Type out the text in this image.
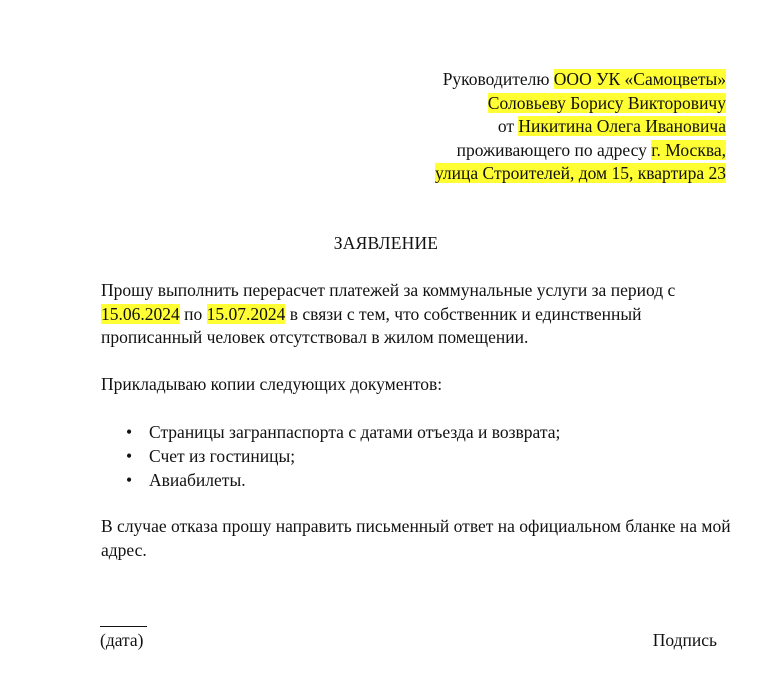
Руководителю ООО УК «Самоцветы»
Соловьеву Борису Викторовичу
от Никитина Олега Ивановича
проживающего по адресу г. Москва,
улица Строителей, дом 15, квартира 23
ЗАЯВЛЕНИЕ
Прошу выполнить перерасчет платежей за коммунальные услуги за период с 15.06.2024 по 15.07.2024 в связи с тем, что собственник и единственный прописанный человек отсутствовал в жилом помещении.
Прикладываю копии следующих документов:
• Страницы загранпаспорта с датами отъезда и возврата;
• Счет из гостиницы;
• Авиабилеты.
В случае отказа прошу направить письменный ответ на официальном бланке на мой адрес.
(дата)	Подпись
